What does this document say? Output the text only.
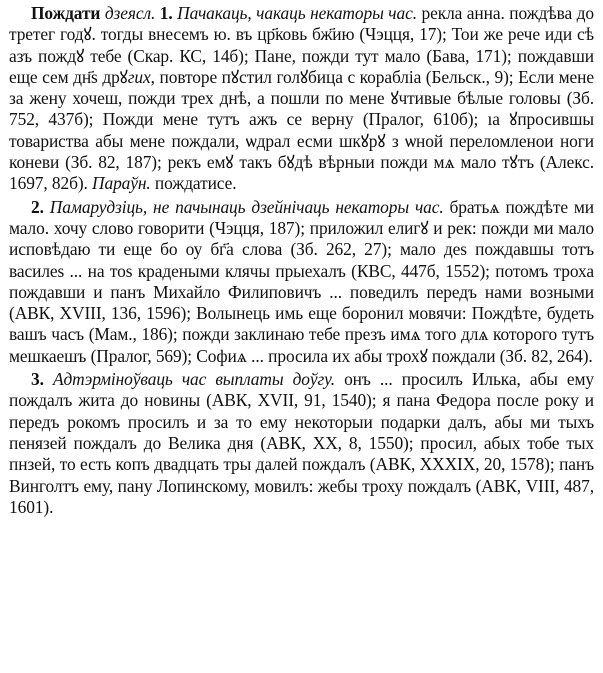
Пождати дзеясл. 1. Пачакаць, чакаць некаторы час. рекла анна. пождѣва до третег годꙋ. тогды внесемъ ю. въ цр҃ковь бж҃ию (Чэцця, 17); Тои же рече иди сѣ азъ пождꙋ тебе (Скар. КС, 14б); Пане, пожди тут мало (Бава, 171); пождавши еще сем дн҃ѕ дрꙋгих, повторе пꙋстил голꙋбица с корабліа (Бельск., 9); Если мене за жену хочеш, пожди трех днѣ, а пошли по мене ꙋчтивые бѣлые головы (Зб. 752, 437б); Пожди мене тутъ ажъ се верну (Пралог, 610б); ıа ꙋпросившы товариства абы мене пождали, ѡдрал есми шкꙋрꙋ з ѡной переломленои ноги коневи (Зб. 82, 187); рекъ емꙋ такъ бꙋдѣ вѣрныи пожди мѧ мало тꙋтъ (Алекс. 1697, 82б). Параўн. пождатисе.

2. Памарудзіць, не пачынаць дзейнічаць некаторы час. братьѧ пождѣте ми мало. хочу слово говорити (Чэцця, 187); приложил елигꙋ и рек: пожди ми мало исповѣдаю ти еще бо оу бг҃а слова (Зб. 262, 27); мало деѕ пождавшы тотъ василеѕ ... на тоѕ крадеными клячы прыехалъ (КВС, 447б, 1552); потомъ троха пождавши и панъ Михайло Филиповичъ ... поведилъ передъ нами возными (АВК, XVIII, 136, 1596); Волынець имь еще боронил мовячи: Пождѣте, будеть вашъ часъ (Мам., 186); пожди заклинаю тебе презъ имѧ того длѧ которого тутъ мешкаешъ (Пралог, 569); Софиѧ ... просила их абы трохꙋ пождали (Зб. 82, 264).

3. Адтэрміноўваць час выплаты доўгу. онъ ... просилъ Илька, абы ему пождалъ жита до новины (АВК, XVII, 91, 1540); я пана Федора после року и передъ рокомъ просилъ и за то ему некоторыи подарки далъ, абы ми тыхъ пенязей пождалъ до Велика дня (АВК, XX, 8, 1550); просил, абых тобе тых пнзей, то есть копъ двадцать тры далей пождалъ (АВК, XXXIX, 20, 1578); панъ Винголтъ ему, пану Лопинскому, мовилъ: жебы троху пождалъ (АВК, VIII, 487, 1601).
